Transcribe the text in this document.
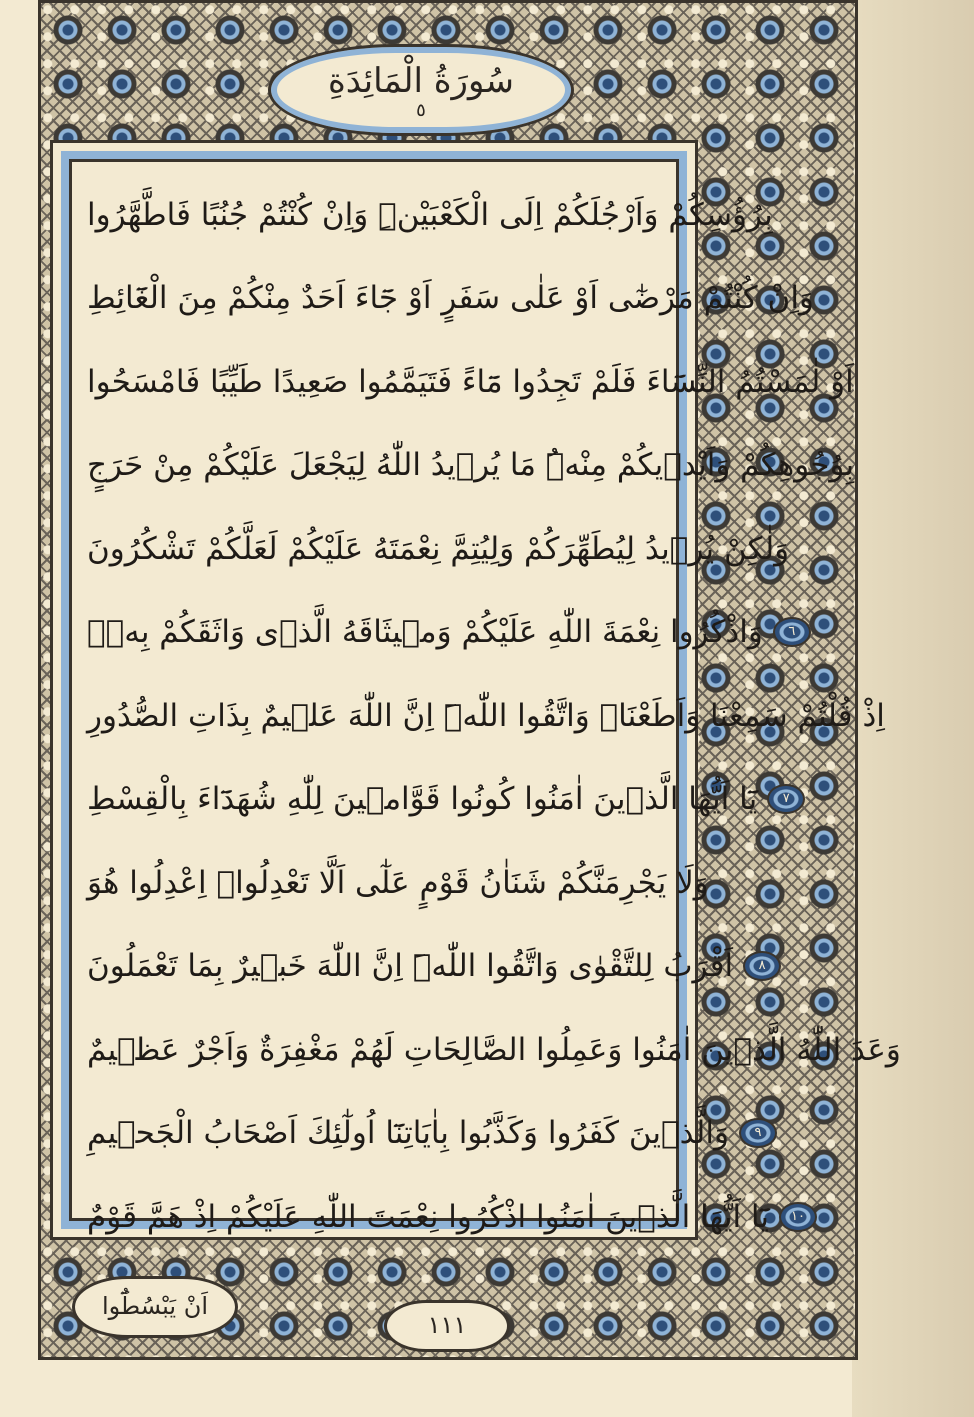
سُورَةُ الْمَائِدَةِ
٥
بِرُؤُسِكُمْ وَاَرْجُلَكُمْ اِلَى الْكَعْبَيْنِۜ وَاِنْ كُنْتُمْ جُنُبًا فَاطَّهَّرُوا
وَاِنْ كُنْتُمْ مَرْضٰٓى اَوْ عَلٰى سَفَرٍ اَوْ جَٓاءَ اَحَدٌ مِنْكُمْ مِنَ الْغَٓائِطِ
اَوْ لٰمَسْتُمُ النِّسَٓاءَ فَلَمْ تَجِدُوا مَٓاءً فَتَيَمَّمُوا صَعِيدًا طَيِّبًا فَامْسَحُوا
بِوُجُوهِكُمْ وَاَيْدٖيكُمْ مِنْهُۜ مَا يُرٖيدُ اللّٰهُ لِيَجْعَلَ عَلَيْكُمْ مِنْ حَرَجٍ
وَلٰكِنْ يُرٖيدُ لِيُطَهِّرَكُمْ وَلِيُتِمَّ نِعْمَتَهُ عَلَيْكُمْ لَعَلَّكُمْ تَشْكُرُونَ
٦
وَاذْكُرُوا نِعْمَةَ اللّٰهِ عَلَيْكُمْ وَمٖيثَاقَهُ الَّذٖى وَاثَقَكُمْ بِهٖۙ
اِذْ قُلْتُمْ سَمِعْنَا وَاَطَعْنَاؗ وَاتَّقُوا اللّٰهَۜ اِنَّ اللّٰهَ عَلٖيمٌ بِذَاتِ الصُّدُورِ
٧
يَٓا اَيُّهَا الَّذٖينَ اٰمَنُوا كُونُوا قَوَّامٖينَ لِلّٰهِ شُهَدَٓاءَ بِالْقِسْطِ
وَلَا يَجْرِمَنَّكُمْ شَنَاٰنُ قَوْمٍ عَلٰٓى اَلَّا تَعْدِلُواۜ اِعْدِلُوا هُوَ
٨
اَقْرَبُ لِلتَّقْوٰى وَاتَّقُوا اللّٰهَۜ اِنَّ اللّٰهَ خَبٖيرٌ بِمَا تَعْمَلُونَ
وَعَدَ اللّٰهُ الَّذٖينَ اٰمَنُوا وَعَمِلُوا الصَّالِحَاتِ لَهُمْ مَغْفِرَةٌ وَاَجْرٌ عَظٖيمٌ
٩
وَالَّذٖينَ كَفَرُوا وَكَذَّبُوا بِاٰيَاتِنَٓا اُولٰٓئِكَ اَصْحَابُ الْجَحٖيمِ
١٠
يَٓا اَيُّهَا الَّذٖينَ اٰمَنُوا اذْكُرُوا نِعْمَتَ اللّٰهِ عَلَيْكُمْ اِذْ هَمَّ قَوْمٌ
اَنْ يَبْسُطُٓوا
١١١
